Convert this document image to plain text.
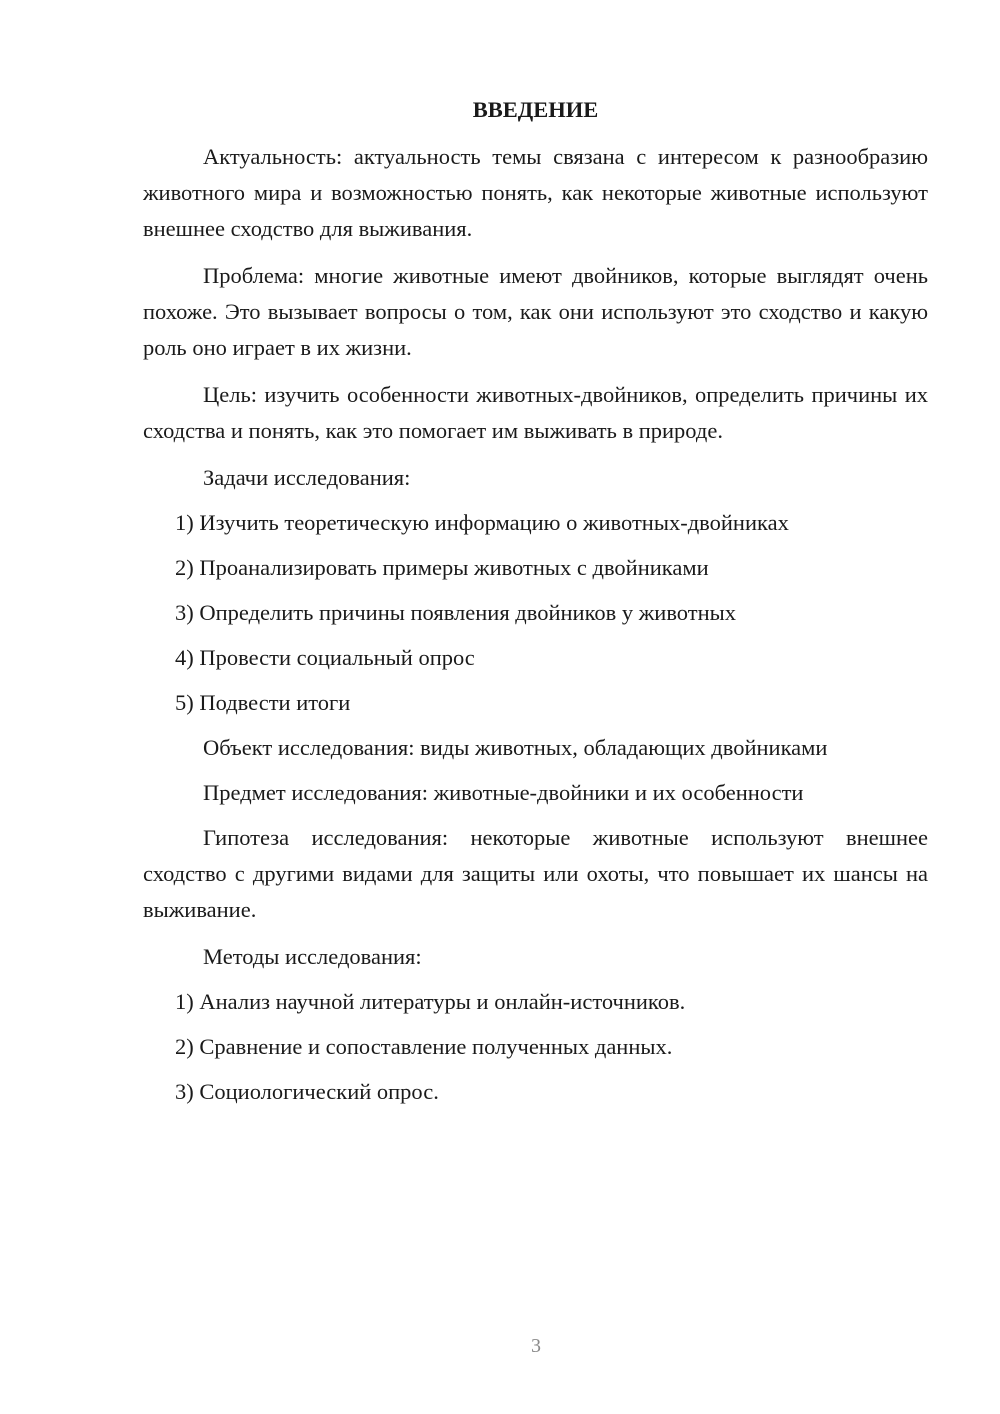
ВВЕДЕНИЕ

Актуальность: актуальность темы связана с интересом к разнообразию животного мира и возможностью понять, как некоторые животные используют внешнее сходство для выживания.

Проблема: многие животные имеют двойников, которые выглядят очень похоже. Это вызывает вопросы о том, как они используют это сходство и какую роль оно играет в их жизни.

Цель: изучить особенности животных-двойников, определить причины их сходства и понять, как это помогает им выживать в природе.

Задачи исследования:
1) Изучить теоретическую информацию о животных-двойниках
2) Проанализировать примеры животных с двойниками
3) Определить причины появления двойников у животных
4) Провести социальный опрос
5) Подвести итоги
Объект исследования: виды животных, обладающих двойниками
Предмет исследования: животные-двойники и их особенности

Гипотеза исследования: некоторые животные используют внешнее сходство с другими видами для защиты или охоты, что повышает их шансы на выживание.

Методы исследования:
1) Анализ научной литературы и онлайн-источников.
2) Сравнение и сопоставление полученных данных.
3) Социологический опрос.
3
